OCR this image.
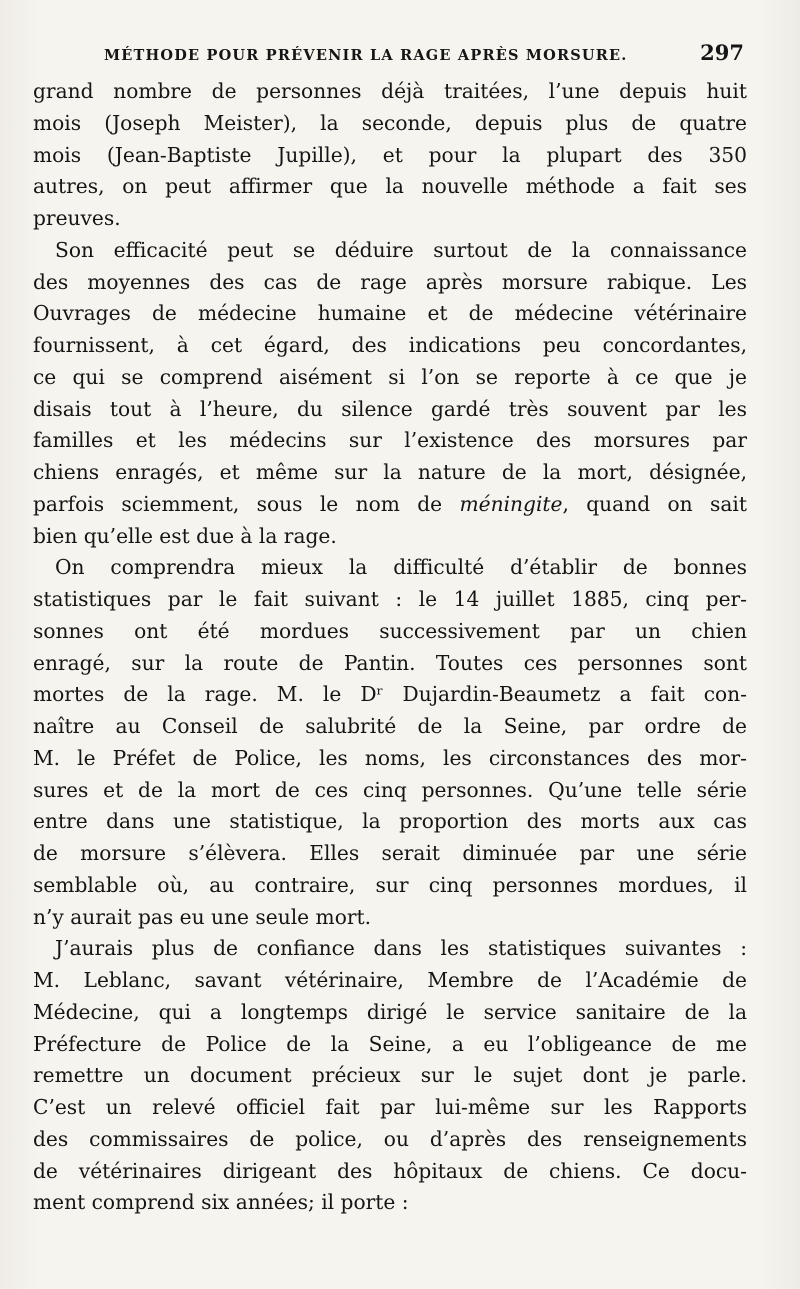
MÉTHODE POUR PRÉVENIR LA RAGE APRÈS MORSURE.	297
grand nombre de personnes déjà traitées, l’une depuis huit
mois (Joseph Meister), la seconde, depuis plus de quatre
mois (Jean-Baptiste Jupille), et pour la plupart des 350
autres, on peut affirmer que la nouvelle méthode a fait ses
preuves.
Son efficacité peut se déduire surtout de la connaissance
des moyennes des cas de rage après morsure rabique. Les
Ouvrages de médecine humaine et de médecine vétérinaire
fournissent, à cet égard, des indications peu concordantes,
ce qui se comprend aisément si l’on se reporte à ce que je
disais tout à l’heure, du silence gardé très souvent par les
familles et les médecins sur l’existence des morsures par
chiens enragés, et même sur la nature de la mort, désignée,
parfois sciemment, sous le nom de méningite, quand on sait
bien qu’elle est due à la rage.
On comprendra mieux la difficulté d’établir de bonnes
statistiques par le fait suivant : le 14 juillet 1885, cinq per-
sonnes ont été mordues successivement par un chien
enragé, sur la route de Pantin. Toutes ces personnes sont
mortes de la rage. M. le Dʳ Dujardin-Beaumetz a fait con-
naître au Conseil de salubrité de la Seine, par ordre de
M. le Préfet de Police, les noms, les circonstances des mor-
sures et de la mort de ces cinq personnes. Qu’une telle série
entre dans une statistique, la proportion des morts aux cas
de morsure s’élèvera. Elles serait diminuée par une série
semblable où, au contraire, sur cinq personnes mordues, il
n’y aurait pas eu une seule mort.
J’aurais plus de confiance dans les statistiques suivantes :
M. Leblanc, savant vétérinaire, Membre de l’Académie de
Médecine, qui a longtemps dirigé le service sanitaire de la
Préfecture de Police de la Seine, a eu l’obligeance de me
remettre un document précieux sur le sujet dont je parle.
C’est un relevé officiel fait par lui-même sur les Rapports
des commissaires de police, ou d’après des renseignements
de vétérinaires dirigeant des hôpitaux de chiens. Ce docu-
ment comprend six années; il porte :
